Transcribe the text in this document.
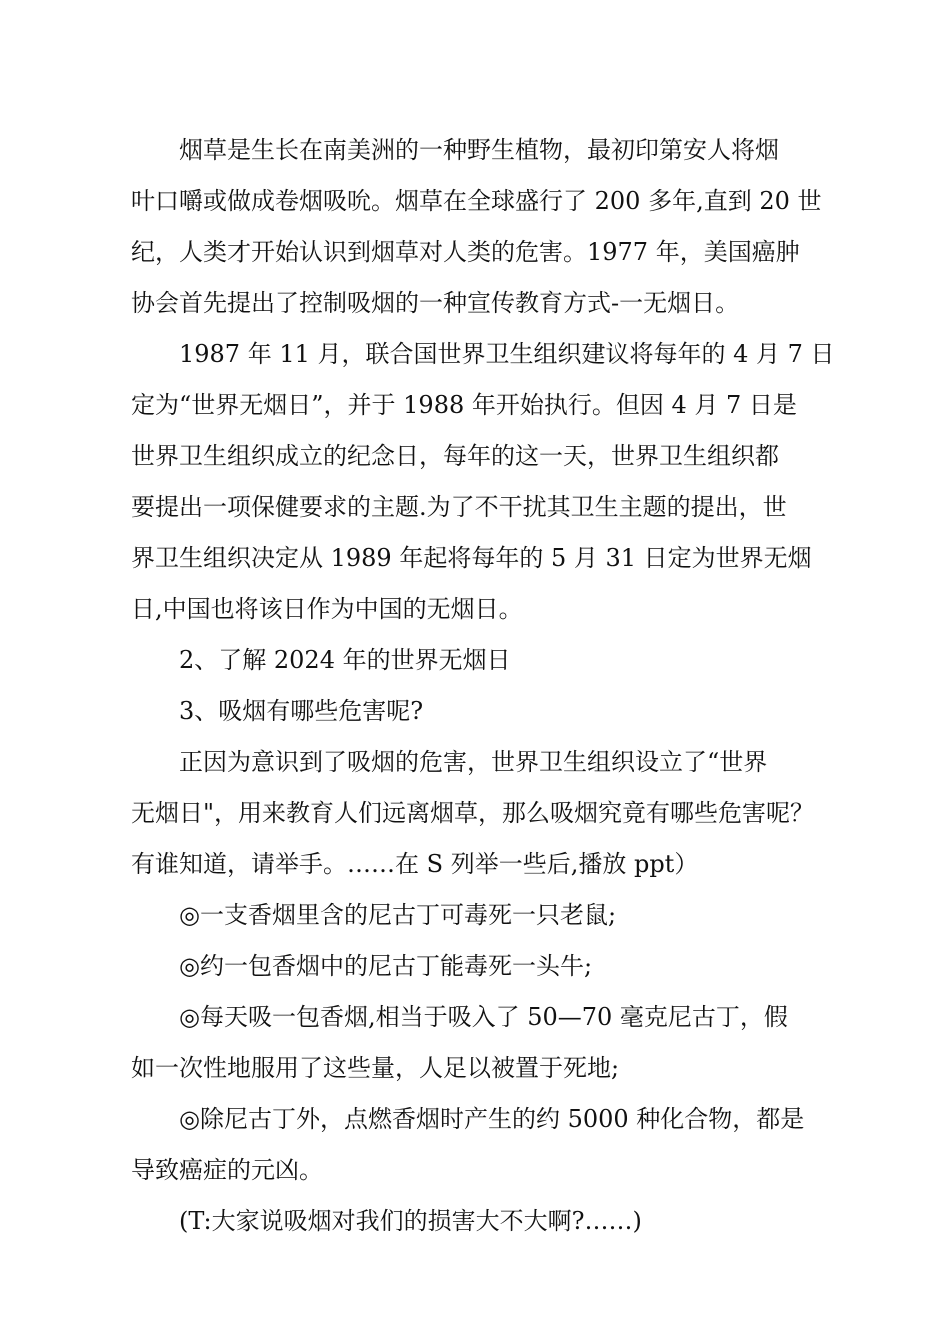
烟草是生长在南美洲的一种野生植物，最初印第安人将烟
叶口嚼或做成卷烟吸吮。烟草在全球盛行了 200 多年,直到 20 世
纪，人类才开始认识到烟草对人类的危害。1977 年，美国癌肿
协会首先提出了控制吸烟的一种宣传教育方式-一无烟日。
1987 年 11 月，联合国世界卫生组织建议将每年的 4 月 7 日
定为“世界无烟日”，并于 1988 年开始执行。但因 4 月 7 日是
世界卫生组织成立的纪念日，每年的这一天，世界卫生组织都
要提出一项保健要求的主题.为了不干扰其卫生主题的提出，世
界卫生组织决定从 1989 年起将每年的 5 月 31 日定为世界无烟
日,中国也将该日作为中国的无烟日。
2、了解 2024 年的世界无烟日
3、吸烟有哪些危害呢?
正因为意识到了吸烟的危害，世界卫生组织设立了“世界
无烟日"，用来教育人们远离烟草，那么吸烟究竟有哪些危害呢？
有谁知道，请举手。……在 S 列举一些后,播放 ppt）
◎一支香烟里含的尼古丁可毒死一只老鼠;
◎约一包香烟中的尼古丁能毒死一头牛;
◎每天吸一包香烟,相当于吸入了 50—70 毫克尼古丁，假
如一次性地服用了这些量，人足以被置于死地;
◎除尼古丁外，点燃香烟时产生的约 5000 种化合物，都是
导致癌症的元凶。
(T:大家说吸烟对我们的损害大不大啊?……)
